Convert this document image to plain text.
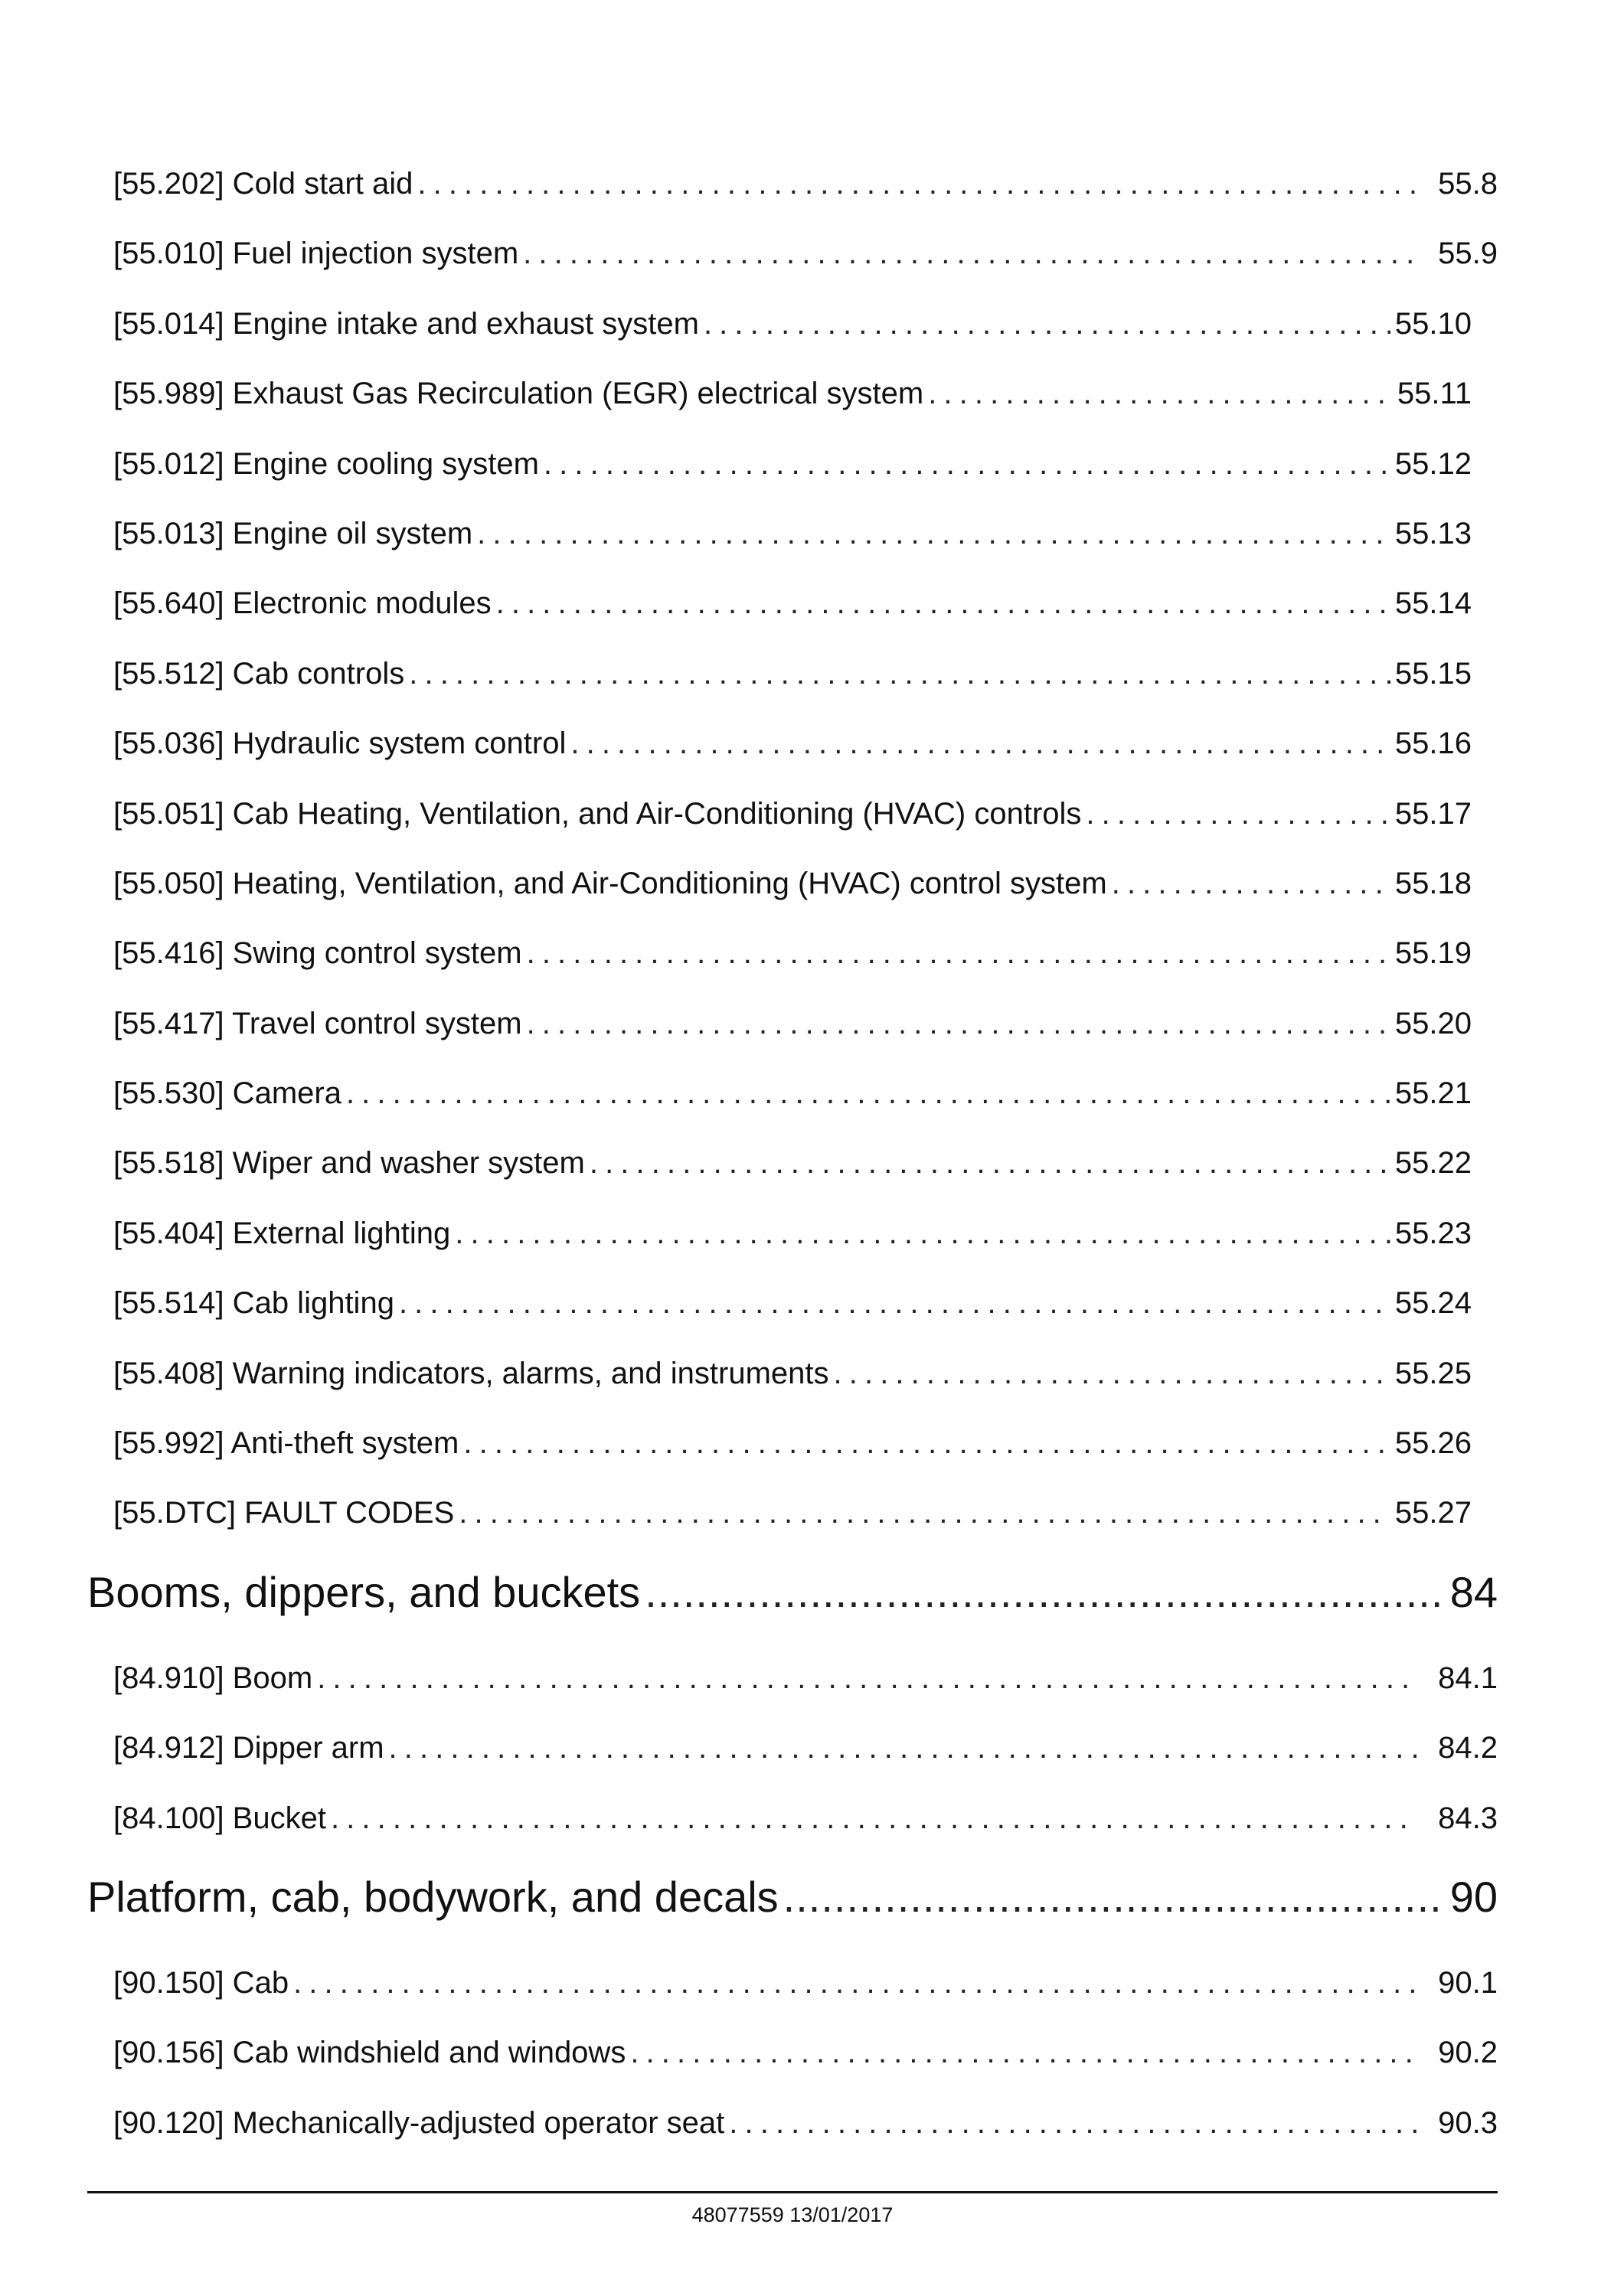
[55.202] Cold start aid . . .	55.8
[55.010] Fuel injection system . . .	55.9
[55.014] Engine intake and exhaust system . . .	55.10
[55.989] Exhaust Gas Recirculation (EGR) electrical system . . .	55.11
[55.012] Engine cooling system . . .	55.12
[55.013] Engine oil system . . .	55.13
[55.640] Electronic modules . . .	55.14
[55.512] Cab controls . . .	55.15
[55.036] Hydraulic system control . . .	55.16
[55.051] Cab Heating, Ventilation, and Air-Conditioning (HVAC) controls . . .	55.17
[55.050] Heating, Ventilation, and Air-Conditioning (HVAC) control system . . .	55.18
[55.416] Swing control system . . .	55.19
[55.417] Travel control system . . .	55.20
[55.530] Camera . . .	55.21
[55.518] Wiper and washer system . . .	55.22
[55.404] External lighting . . .	55.23
[55.514] Cab lighting . . .	55.24
[55.408] Warning indicators, alarms, and instruments . . .	55.25
[55.992] Anti-theft system . . .	55.26
[55.DTC] FAULT CODES . . .	55.27
Booms, dippers, and buckets .....	84
[84.910] Boom . . .	84.1
[84.912] Dipper arm . . .	84.2
[84.100] Bucket . . .	84.3
Platform, cab, bodywork, and decals .....	90
[90.150] Cab . . .	90.1
[90.156] Cab windshield and windows . . .	90.2
[90.120] Mechanically-adjusted operator seat . . .	90.3
48077559 13/01/2017
